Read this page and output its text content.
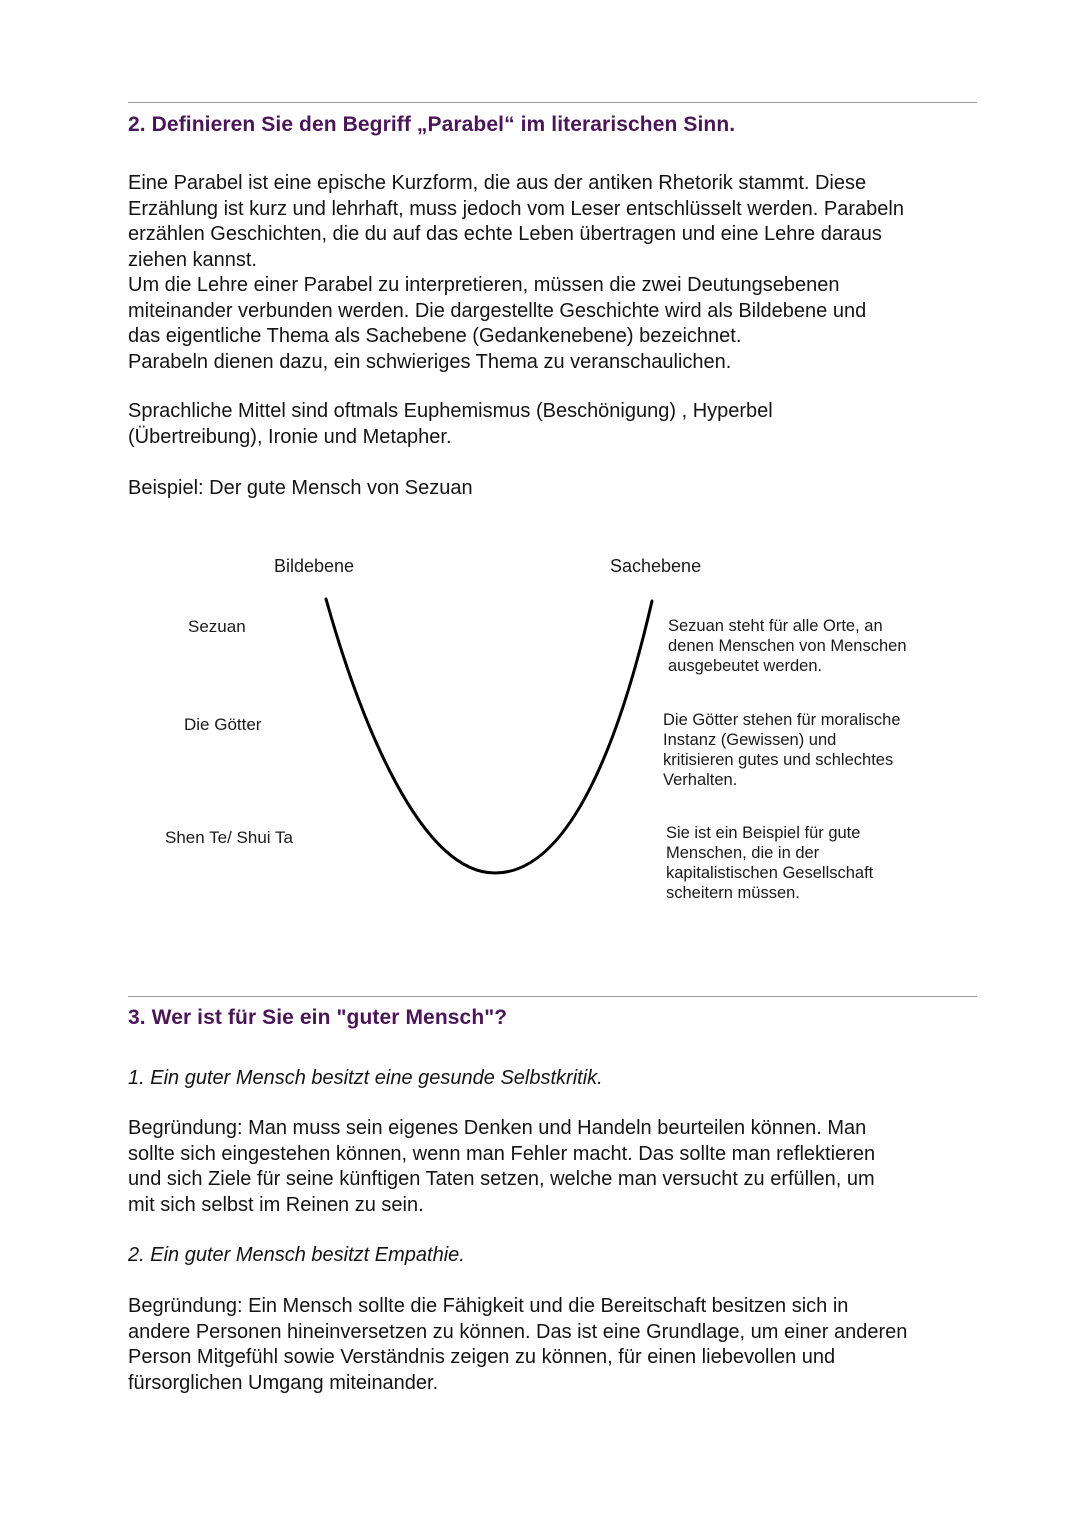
2. Definieren Sie den Begriff „Parabel“ im literarischen Sinn.

Eine Parabel ist eine epische Kurzform, die aus der antiken Rhetorik stammt. Diese
Erzählung ist kurz und lehrhaft, muss jedoch vom Leser entschlüsselt werden. Parabeln
erzählen Geschichten, die du auf das echte Leben übertragen und eine Lehre daraus
ziehen kannst.
Um die Lehre einer Parabel zu interpretieren, müssen die zwei Deutungsebenen
miteinander verbunden werden. Die dargestellte Geschichte wird als Bildebene und
das eigentliche Thema als Sachebene (Gedankenebene) bezeichnet.
Parabeln dienen dazu, ein schwieriges Thema zu veranschaulichen.

Sprachliche Mittel sind oftmals Euphemismus (Beschönigung) , Hyperbel
(Übertreibung), Ironie und Metapher.

Beispiel: Der gute Mensch von Sezuan

Bildebene	Sachebene
Sezuan
Die Götter
Shen Te/ Shui Ta
Sezuan steht für alle Orte, an
denen Menschen von Menschen
ausgebeutet werden.
Die Götter stehen für moralische
Instanz (Gewissen) und
kritisieren gutes und schlechtes
Verhalten.
Sie ist ein Beispiel für gute
Menschen, die in der
kapitalistischen Gesellschaft
scheitern müssen.
3. Wer ist für Sie ein "guter Mensch"?

1. Ein guter Mensch besitzt eine gesunde Selbstkritik.

Begründung: Man muss sein eigenes Denken und Handeln beurteilen können. Man
sollte sich eingestehen können, wenn man Fehler macht. Das sollte man reflektieren
und sich Ziele für seine künftigen Taten setzen, welche man versucht zu erfüllen, um
mit sich selbst im Reinen zu sein.

2. Ein guter Mensch besitzt Empathie.

Begründung: Ein Mensch sollte die Fähigkeit und die Bereitschaft besitzen sich in
andere Personen hineinversetzen zu können. Das ist eine Grundlage, um einer anderen
Person Mitgefühl sowie Verständnis zeigen zu können, für einen liebevollen und
fürsorglichen Umgang miteinander.
